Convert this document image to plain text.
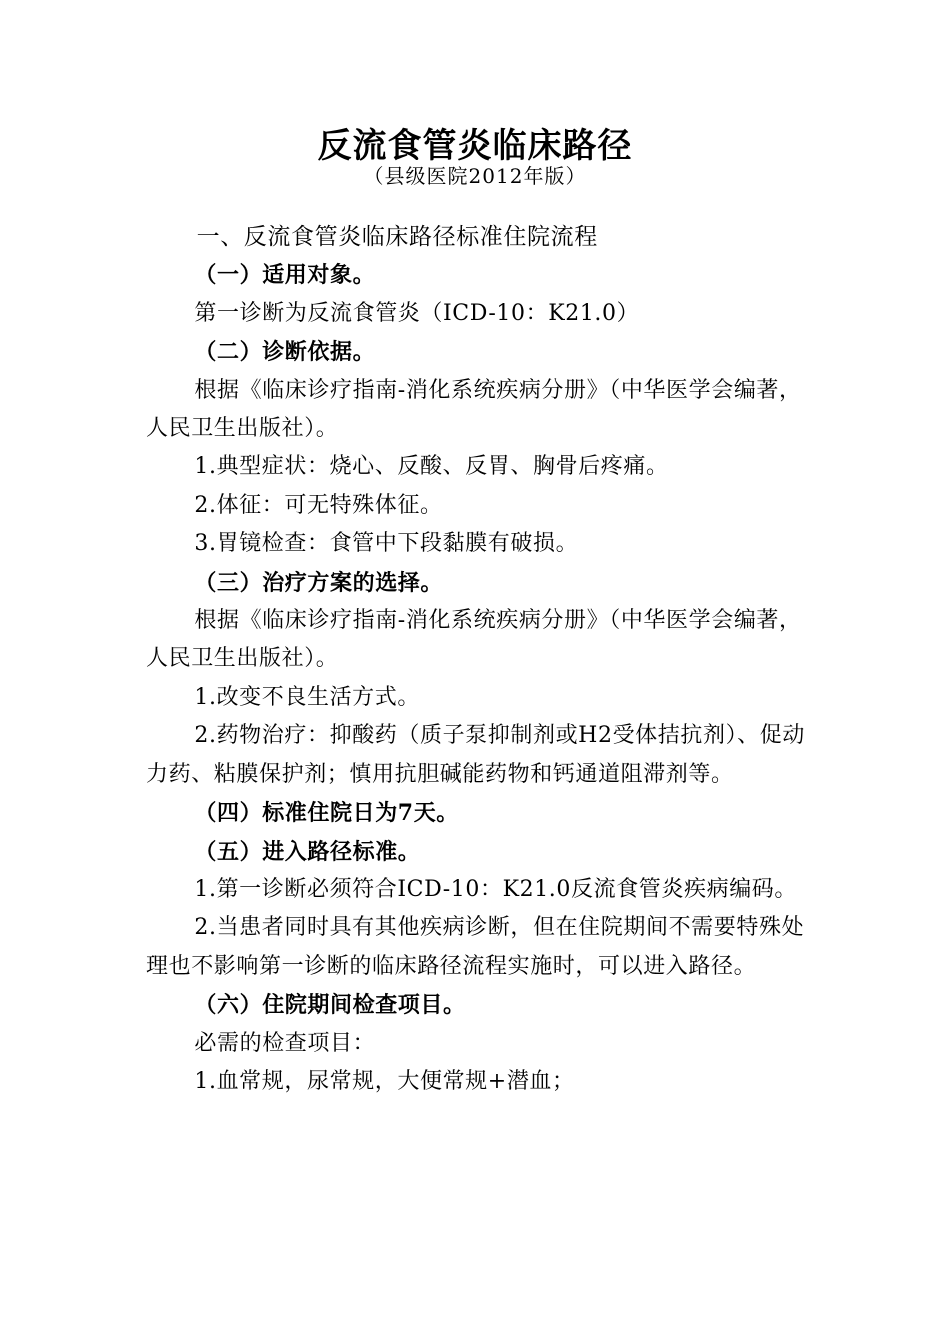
反流食管炎临床路径
（县级医院2012年版）

一、反流食管炎临床路径标准住院流程

（一）适用对象。

第一诊断为反流食管炎（ICD-10：K21.0）

（二）诊断依据。

根据《临床诊疗指南-消化系统疾病分册》（中华医学会编著，人民卫生出版社）。

1.典型症状：烧心、反酸、反胃、胸骨后疼痛。

2.体征：可无特殊体征。

3.胃镜检查：食管中下段黏膜有破损。

（三）治疗方案的选择。

根据《临床诊疗指南-消化系统疾病分册》（中华医学会编著，人民卫生出版社）。

1.改变不良生活方式。

2.药物治疗：抑酸药（质子泵抑制剂或H2受体拮抗剂）、促动力药、粘膜保护剂；慎用抗胆碱能药物和钙通道阻滞剂等。

（四）标准住院日为7天。

（五）进入路径标准。

1.第一诊断必须符合ICD-10：K21.0反流食管炎疾病编码。

2.当患者同时具有其他疾病诊断，但在住院期间不需要特殊处理也不影响第一诊断的临床路径流程实施时，可以进入路径。

（六）住院期间检查项目。

必需的检查项目：

1.血常规，尿常规，大便常规+潜血；
